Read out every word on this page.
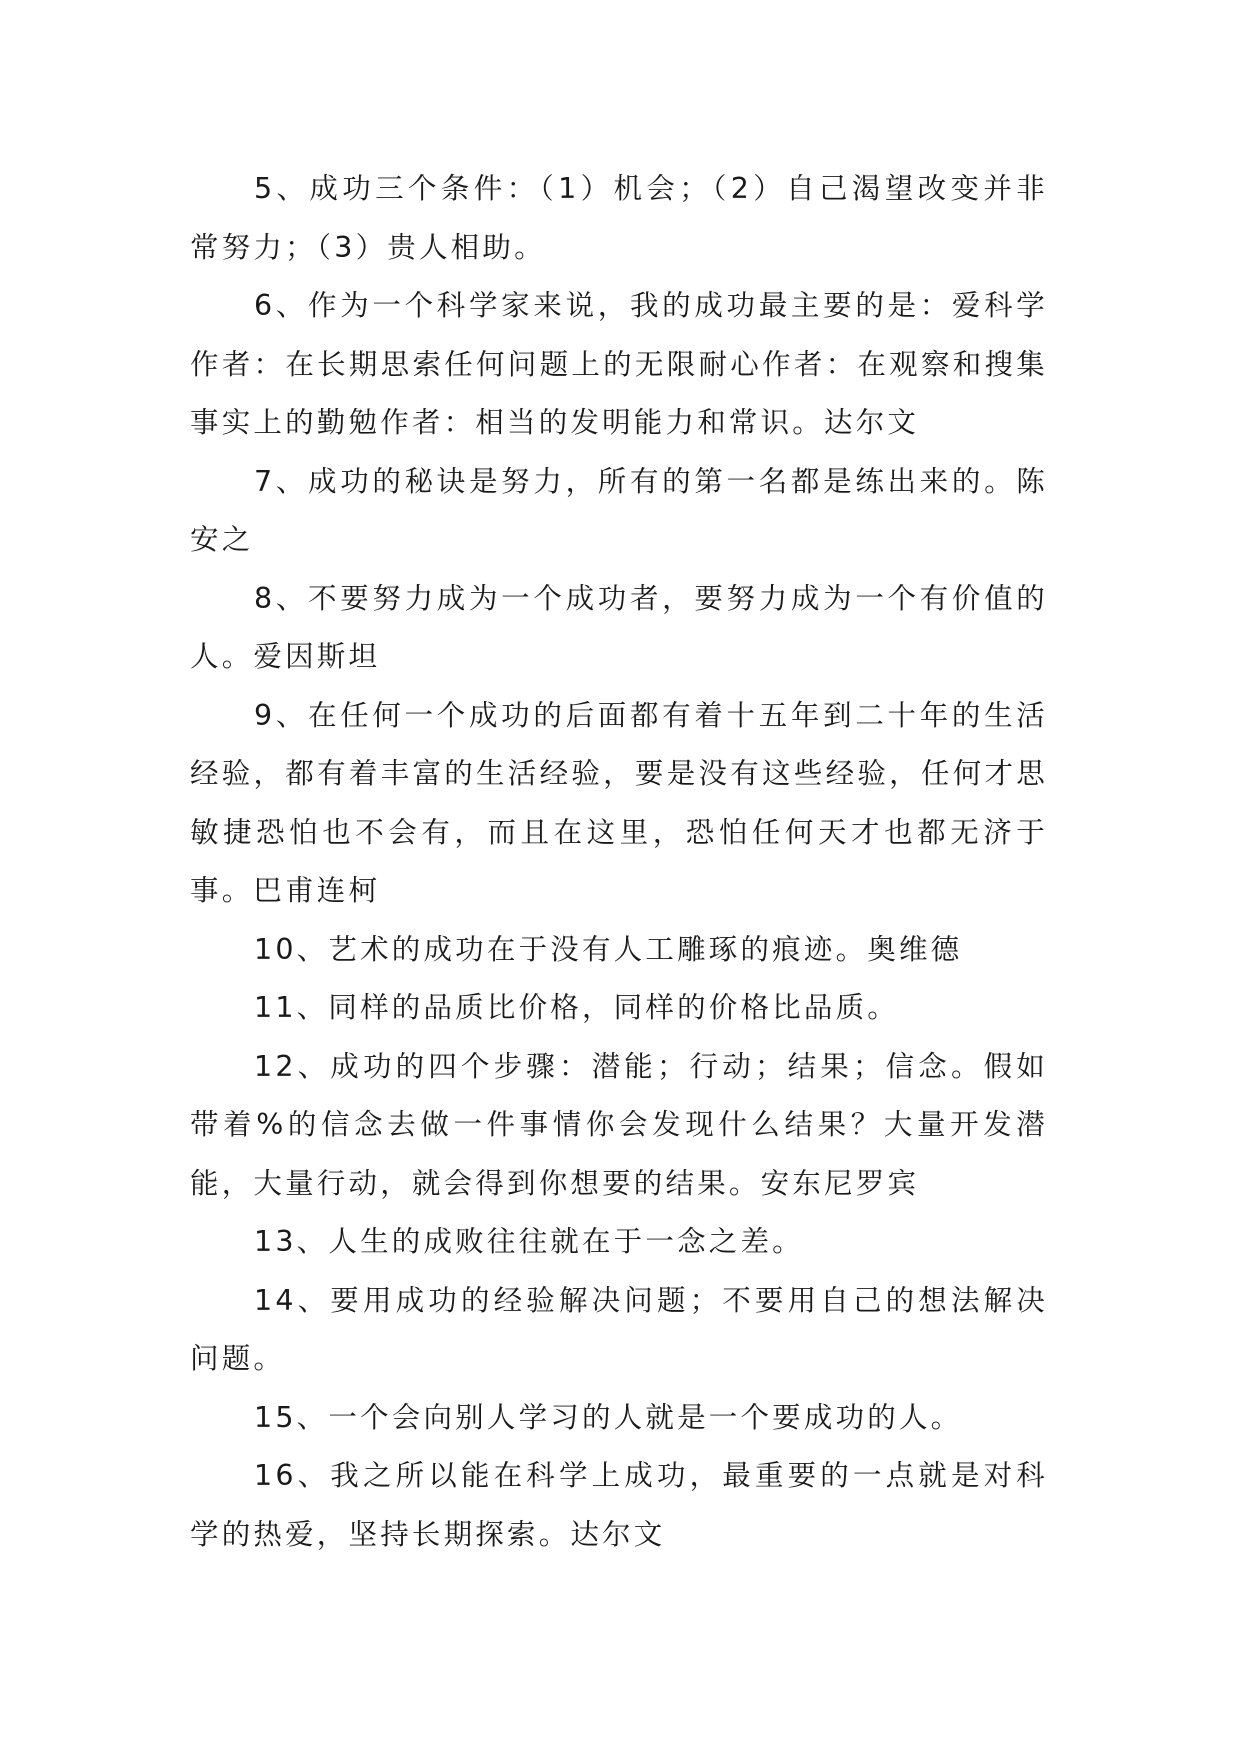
5、成功三个条件：（1）机会；（2）自己渴望改变并非常努力；（3）贵人相助。

6、作为一个科学家来说，我的成功最主要的是：爱科学作者：在长期思索任何问题上的无限耐心作者：在观察和搜集事实上的勤勉作者：相当的发明能力和常识。达尔文

7、成功的秘诀是努力，所有的第一名都是练出来的。陈安之

8、不要努力成为一个成功者，要努力成为一个有价值的人。爱因斯坦

9、在任何一个成功的后面都有着十五年到二十年的生活经验，都有着丰富的生活经验，要是没有这些经验，任何才思敏捷恐怕也不会有，而且在这里，恐怕任何天才也都无济于事。巴甫连柯

10、艺术的成功在于没有人工雕琢的痕迹。奥维德

11、同样的品质比价格，同样的价格比品质。

12、成功的四个步骤：潜能；行动；结果；信念。假如带着%的信念去做一件事情你会发现什么结果？大量开发潜能，大量行动，就会得到你想要的结果。安东尼罗宾

13、人生的成败往往就在于一念之差。

14、要用成功的经验解决问题；不要用自己的想法解决问题。

15、一个会向别人学习的人就是一个要成功的人。

16、我之所以能在科学上成功，最重要的一点就是对科学的热爱，坚持长期探索。达尔文
